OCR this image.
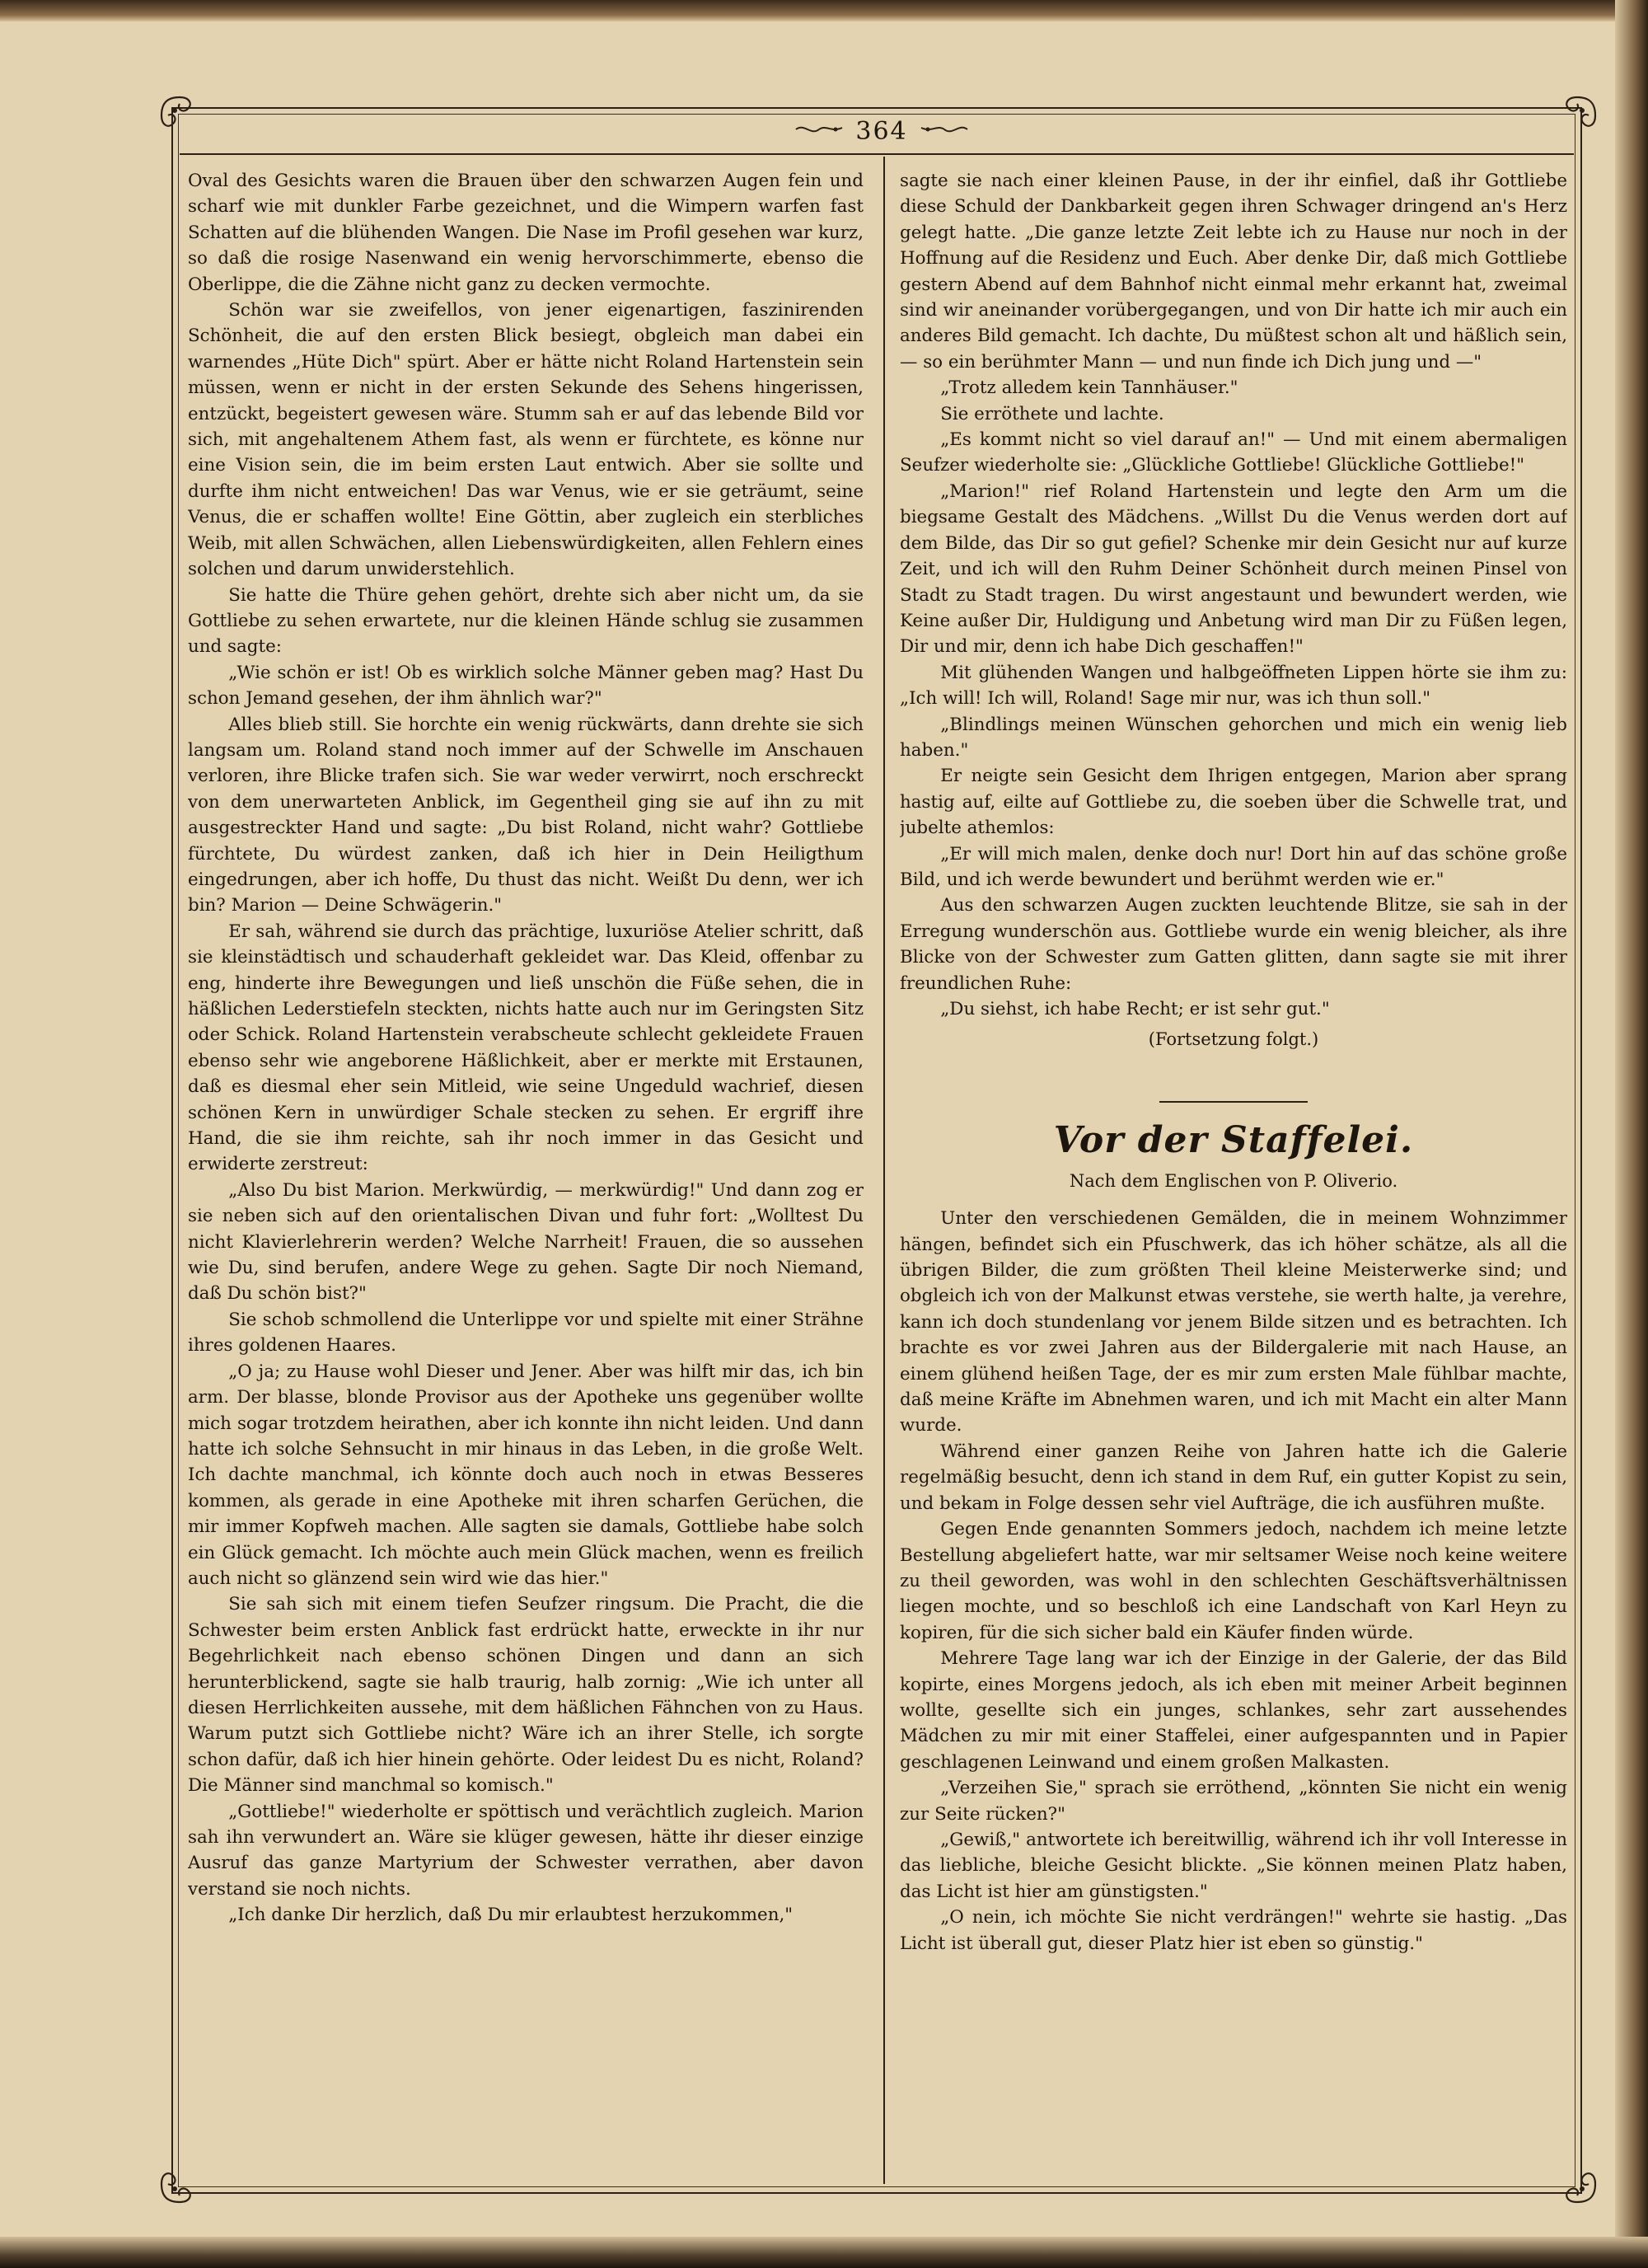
364

Oval des Gesichts waren die Brauen über den schwarzen Augen fein und scharf wie mit dunkler Farbe gezeichnet, und die Wimpern warfen fast Schatten auf die blühenden Wangen. Die Nase im Profil gesehen war kurz, so daß die rosige Nasenwand ein wenig hervorschimmerte, ebenso die Oberlippe, die die Zähne nicht ganz zu decken vermochte.

Schön war sie zweifellos, von jener eigenartigen, faszinirenden Schönheit, die auf den ersten Blick besiegt, obgleich man dabei ein warnendes „Hüte Dich" spürt. Aber er hätte nicht Roland Hartenstein sein müssen, wenn er nicht in der ersten Sekunde des Sehens hingerissen, entzückt, begeistert gewesen wäre. Stumm sah er auf das lebende Bild vor sich, mit angehaltenem Athem fast, als wenn er fürchtete, es könne nur eine Vision sein, die im beim ersten Laut entwich. Aber sie sollte und durfte ihm nicht entweichen! Das war Venus, wie er sie geträumt, seine Venus, die er schaffen wollte! Eine Göttin, aber zugleich ein sterbliches Weib, mit allen Schwächen, allen Liebenswürdigkeiten, allen Fehlern eines solchen und darum unwiderstehlich.

Sie hatte die Thüre gehen gehört, drehte sich aber nicht um, da sie Gottliebe zu sehen erwartete, nur die kleinen Hände schlug sie zusammen und sagte:

„Wie schön er ist! Ob es wirklich solche Männer geben mag? Hast Du schon Jemand gesehen, der ihm ähnlich war?"

Alles blieb still. Sie horchte ein wenig rückwärts, dann drehte sie sich langsam um. Roland stand noch immer auf der Schwelle im Anschauen verloren, ihre Blicke trafen sich. Sie war weder verwirrt, noch erschreckt von dem unerwarteten Anblick, im Gegentheil ging sie auf ihn zu mit ausgestreckter Hand und sagte: „Du bist Roland, nicht wahr? Gottliebe fürchtete, Du würdest zanken, daß ich hier in Dein Heiligthum eingedrungen, aber ich hoffe, Du thust das nicht. Weißt Du denn, wer ich bin? Marion — Deine Schwägerin."

Er sah, während sie durch das prächtige, luxuriöse Atelier schritt, daß sie kleinstädtisch und schauderhaft gekleidet war. Das Kleid, offenbar zu eng, hinderte ihre Bewegungen und ließ unschön die Füße sehen, die in häßlichen Lederstiefeln steckten, nichts hatte auch nur im Geringsten Sitz oder Schick. Roland Hartenstein verabscheute schlecht gekleidete Frauen ebenso sehr wie angeborene Häßlichkeit, aber er merkte mit Erstaunen, daß es diesmal eher sein Mitleid, wie seine Ungeduld wachrief, diesen schönen Kern in unwürdiger Schale stecken zu sehen. Er ergriff ihre Hand, die sie ihm reichte, sah ihr noch immer in das Gesicht und erwiderte zerstreut:

„Also Du bist Marion. Merkwürdig, — merkwürdig!" Und dann zog er sie neben sich auf den orientalischen Divan und fuhr fort: „Wolltest Du nicht Klavierlehrerin werden? Welche Narrheit! Frauen, die so aussehen wie Du, sind berufen, andere Wege zu gehen. Sagte Dir noch Niemand, daß Du schön bist?"

Sie schob schmollend die Unterlippe vor und spielte mit einer Strähne ihres goldenen Haares.

„O ja; zu Hause wohl Dieser und Jener. Aber was hilft mir das, ich bin arm. Der blasse, blonde Provisor aus der Apotheke uns gegenüber wollte mich sogar trotzdem heirathen, aber ich konnte ihn nicht leiden. Und dann hatte ich solche Sehnsucht in mir hinaus in das Leben, in die große Welt. Ich dachte manchmal, ich könnte doch auch noch in etwas Besseres kommen, als gerade in eine Apotheke mit ihren scharfen Gerüchen, die mir immer Kopfweh machen. Alle sagten sie damals, Gottliebe habe solch ein Glück gemacht. Ich möchte auch mein Glück machen, wenn es freilich auch nicht so glänzend sein wird wie das hier."

Sie sah sich mit einem tiefen Seufzer ringsum. Die Pracht, die die Schwester beim ersten Anblick fast erdrückt hatte, erweckte in ihr nur Begehrlichkeit nach ebenso schönen Dingen und dann an sich herunterblickend, sagte sie halb traurig, halb zornig: „Wie ich unter all diesen Herrlichkeiten aussehe, mit dem häßlichen Fähnchen von zu Haus. Warum putzt sich Gottliebe nicht? Wäre ich an ihrer Stelle, ich sorgte schon dafür, daß ich hier hinein gehörte. Oder leidest Du es nicht, Roland? Die Männer sind manchmal so komisch."

„Gottliebe!" wiederholte er spöttisch und verächtlich zugleich. Marion sah ihn verwundert an. Wäre sie klüger gewesen, hätte ihr dieser einzige Ausruf das ganze Martyrium der Schwester verrathen, aber davon verstand sie noch nichts.

„Ich danke Dir herzlich, daß Du mir erlaubtest herzukommen,"

sagte sie nach einer kleinen Pause, in der ihr einfiel, daß ihr Gottliebe diese Schuld der Dankbarkeit gegen ihren Schwager dringend an's Herz gelegt hatte. „Die ganze letzte Zeit lebte ich zu Hause nur noch in der Hoffnung auf die Residenz und Euch. Aber denke Dir, daß mich Gottliebe gestern Abend auf dem Bahnhof nicht einmal mehr erkannt hat, zweimal sind wir aneinander vorübergegangen, und von Dir hatte ich mir auch ein anderes Bild gemacht. Ich dachte, Du müßtest schon alt und häßlich sein, — so ein berühmter Mann — und nun finde ich Dich jung und —"

„Trotz alledem kein Tannhäuser."

Sie erröthete und lachte.

„Es kommt nicht so viel darauf an!" — Und mit einem abermaligen Seufzer wiederholte sie: „Glückliche Gottliebe! Glückliche Gottliebe!"

„Marion!" rief Roland Hartenstein und legte den Arm um die biegsame Gestalt des Mädchens. „Willst Du die Venus werden dort auf dem Bilde, das Dir so gut gefiel? Schenke mir dein Gesicht nur auf kurze Zeit, und ich will den Ruhm Deiner Schönheit durch meinen Pinsel von Stadt zu Stadt tragen. Du wirst angestaunt und bewundert werden, wie Keine außer Dir, Huldigung und Anbetung wird man Dir zu Füßen legen, Dir und mir, denn ich habe Dich geschaffen!"

Mit glühenden Wangen und halbgeöffneten Lippen hörte sie ihm zu: „Ich will! Ich will, Roland! Sage mir nur, was ich thun soll."

„Blindlings meinen Wünschen gehorchen und mich ein wenig lieb haben."

Er neigte sein Gesicht dem Ihrigen entgegen, Marion aber sprang hastig auf, eilte auf Gottliebe zu, die soeben über die Schwelle trat, und jubelte athemlos:

„Er will mich malen, denke doch nur! Dort hin auf das schöne große Bild, und ich werde bewundert und berühmt werden wie er."

Aus den schwarzen Augen zuckten leuchtende Blitze, sie sah in der Erregung wunderschön aus. Gottliebe wurde ein wenig bleicher, als ihre Blicke von der Schwester zum Gatten glitten, dann sagte sie mit ihrer freundlichen Ruhe:

„Du siehst, ich habe Recht; er ist sehr gut."

(Fortsetzung folgt.)

Vor der Staffelei.

Nach dem Englischen von P. Oliverio.

Unter den verschiedenen Gemälden, die in meinem Wohnzimmer hängen, befindet sich ein Pfuschwerk, das ich höher schätze, als all die übrigen Bilder, die zum größten Theil kleine Meisterwerke sind; und obgleich ich von der Malkunst etwas verstehe, sie werth halte, ja verehre, kann ich doch stundenlang vor jenem Bilde sitzen und es betrachten. Ich brachte es vor zwei Jahren aus der Bildergalerie mit nach Hause, an einem glühend heißen Tage, der es mir zum ersten Male fühlbar machte, daß meine Kräfte im Abnehmen waren, und ich mit Macht ein alter Mann wurde.

Während einer ganzen Reihe von Jahren hatte ich die Galerie regelmäßig besucht, denn ich stand in dem Ruf, ein gutter Kopist zu sein, und bekam in Folge dessen sehr viel Aufträge, die ich ausführen mußte.

Gegen Ende genannten Sommers jedoch, nachdem ich meine letzte Bestellung abgeliefert hatte, war mir seltsamer Weise noch keine weitere zu theil geworden, was wohl in den schlechten Geschäftsverhältnissen liegen mochte, und so beschloß ich eine Landschaft von Karl Heyn zu kopiren, für die sich sicher bald ein Käufer finden würde.

Mehrere Tage lang war ich der Einzige in der Galerie, der das Bild kopirte, eines Morgens jedoch, als ich eben mit meiner Arbeit beginnen wollte, gesellte sich ein junges, schlankes, sehr zart aussehendes Mädchen zu mir mit einer Staffelei, einer aufgespannten und in Papier geschlagenen Leinwand und einem großen Malkasten.

„Verzeihen Sie," sprach sie erröthend, „könnten Sie nicht ein wenig zur Seite rücken?"

„Gewiß," antwortete ich bereitwillig, während ich ihr voll Interesse in das liebliche, bleiche Gesicht blickte. „Sie können meinen Platz haben, das Licht ist hier am günstigsten."

„O nein, ich möchte Sie nicht verdrängen!" wehrte sie hastig. „Das Licht ist überall gut, dieser Platz hier ist eben so günstig."
